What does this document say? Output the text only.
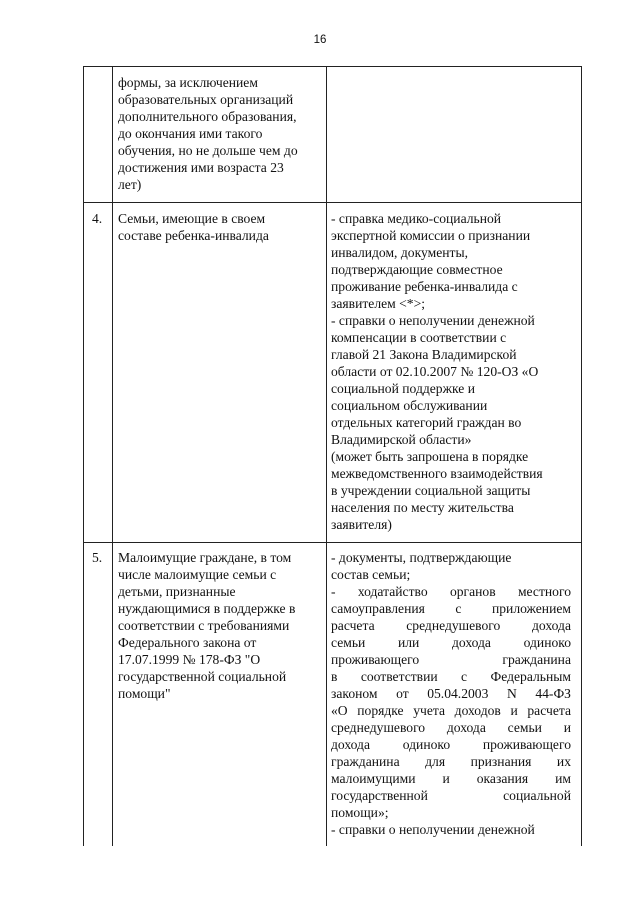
16

формы, за исключением

образовательных организаций

дополнительного образования,

до окончания ими такого

обучения, но не дольше чем до

достижения ими возраста 23

лет)

4. Семьи, имеющие в своем

составе ребенка-инвалида

- справка медико-социальной

экспертной комиссии о признании

инвалидом, документы,

подтверждающие совместное

проживание ребенка-инвалида с

заявителем <*>;

- справки о неполучении денежной

компенсации в соответствии с

главой 21 Закона Владимирской

области от 02.10.2007 № 120-ОЗ «О

социальной поддержке и

социальном обслуживании

отдельных категорий граждан во

Владимирской области»

(может быть запрошена в порядке

межведомственного взаимодействия

в учреждении социальной защиты

населения по месту жительства

заявителя)

5. Малоимущие граждане, в том

числе малоимущие семьи с

детьми, признанные

нуждающимися в поддержке в

соответствии с требованиями

Федерального закона от

17.07.1999 № 178-ФЗ "О

государственной социальной

помощи"

- документы, подтверждающие

состав семьи;

- ходатайство органов местного

самоуправления с приложением

расчета среднедушевого дохода

семьи или дохода одиноко

проживающего гражданина

в соответствии с Федеральным

законом от 05.04.2003 N 44-ФЗ

«О порядке учета доходов и расчета

среднедушевого дохода семьи и

дохода одиноко проживающего

гражданина для признания их

малоимущими и оказания им

государственной социальной

помощи»;

- справки о неполучении денежной
